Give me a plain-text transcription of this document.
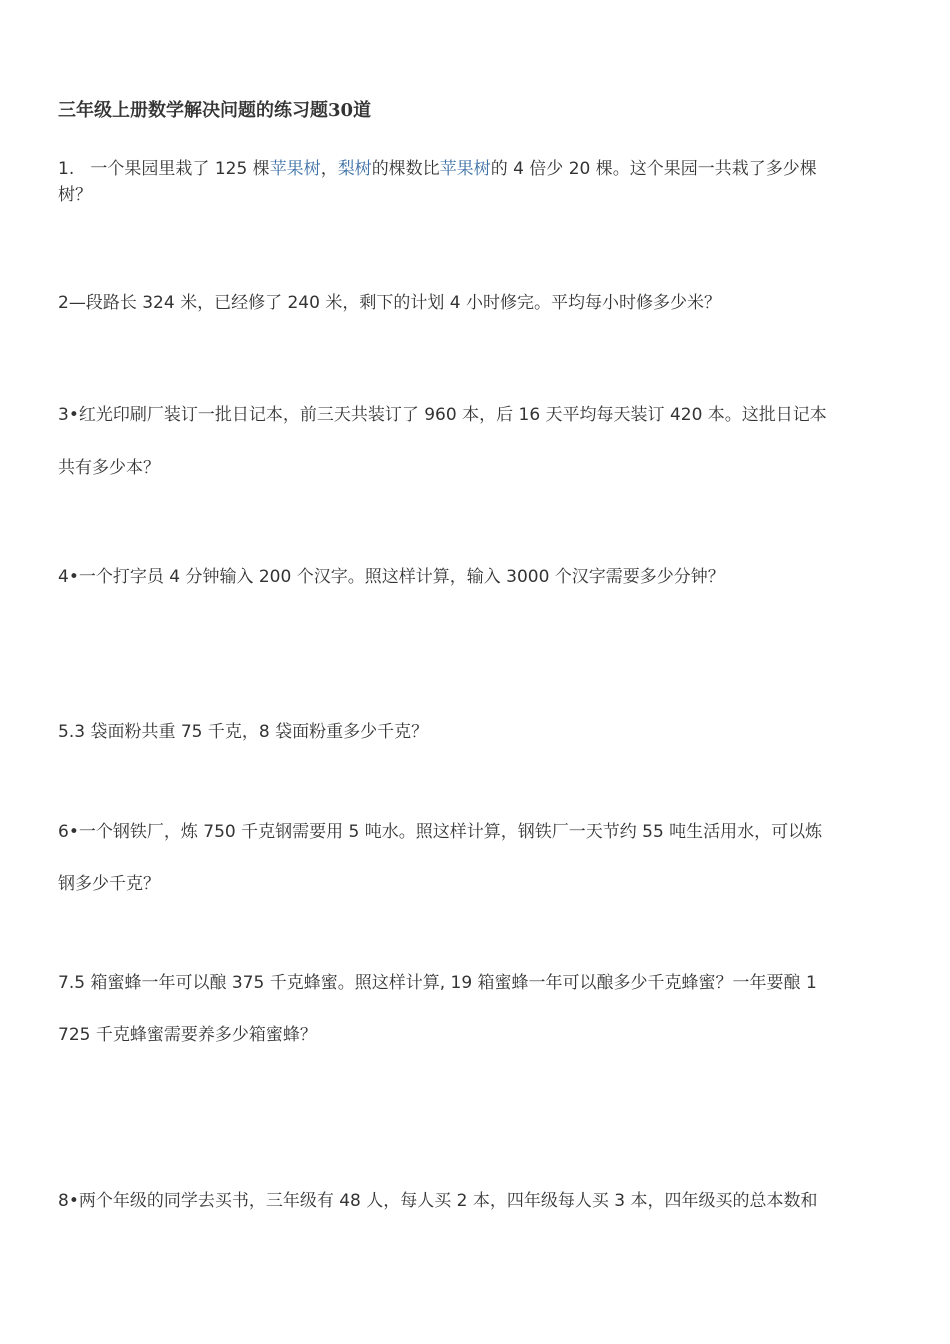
三年级上册数学解决问题的练习题30道
1.   一个果园里栽了 125 棵苹果树，梨树的棵数比苹果树的 4 倍少 20 棵。这个果园一共栽了多少棵
树？
2—段路长 324 米，已经修了 240 米，剩下的计划 4 小时修完。平均每小时修多少米？
3•红光印刷厂装订一批日记本，前三天共装订了 960 本，后 16 天平均每天装订 420 本。这批日记本
共有多少本？
4•一个打字员 4 分钟输入 200 个汉字。照这样计算，输入 3000 个汉字需要多少分钟？
5.3 袋面粉共重 75 千克，8 袋面粉重多少千克？
6•一个钢铁厂，炼 750 千克钢需要用 5 吨水。照这样计算，钢铁厂一天节约 55 吨生活用水，可以炼
钢多少千克？
7.5 箱蜜蜂一年可以酿 375 千克蜂蜜。照这样计算, 19 箱蜜蜂一年可以酿多少千克蜂蜜？一年要酿 1
725 千克蜂蜜需要养多少箱蜜蜂？
8•两个年级的同学去买书，三年级有 48 人，每人买 2 本，四年级每人买 3 本，四年级买的总本数和
